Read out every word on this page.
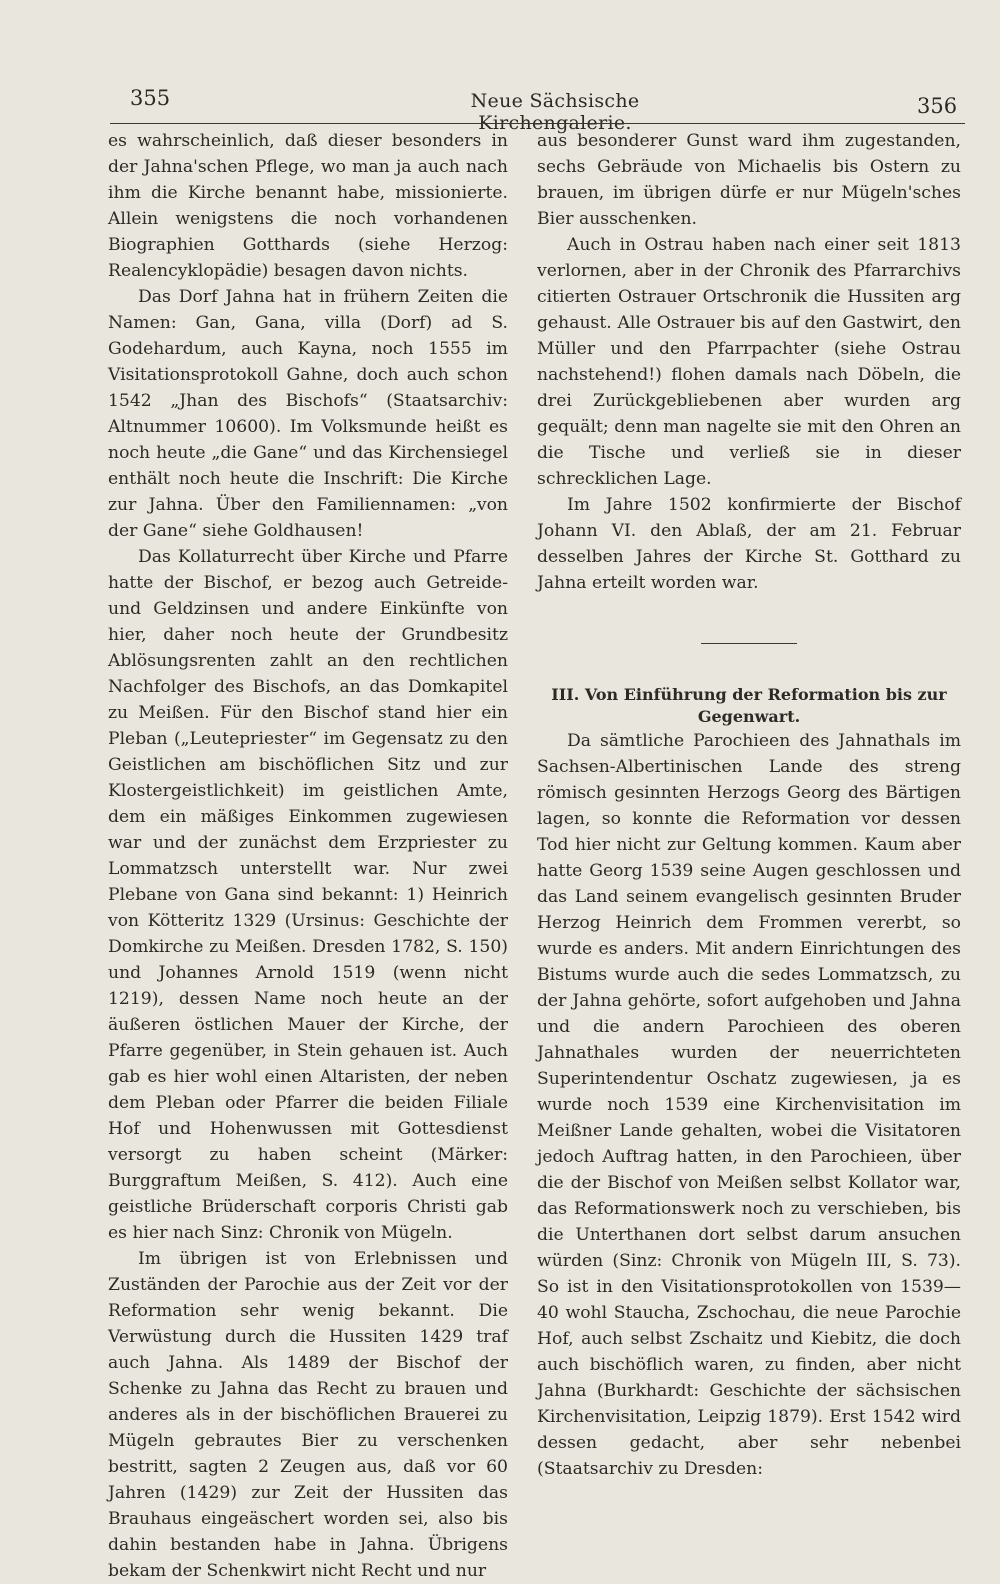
355	Neue Sächsische Kirchengalerie.
356

es wahrscheinlich, daß dieser besonders in der Jahna'schen Pflege, wo man ja auch nach ihm die Kirche benannt habe, missionierte. Allein wenigstens die noch vorhandenen Biographien Gotthards (siehe Herzog: Realencyklopädie) besagen davon nichts.

Das Dorf Jahna hat in frühern Zeiten die Namen: Gan, Gana, villa (Dorf) ad S. Godehardum, auch Kayna, noch 1555 im Visitationsprotokoll Gahne, doch auch schon 1542 „Jhan des Bischofs“ (Staatsarchiv: Altnummer 10600). Im Volksmunde heißt es noch heute „die Gane“ und das Kirchensiegel enthält noch heute die Inschrift: Die Kirche zur Jahna. Über den Familiennamen: „von der Gane“ siehe Goldhausen!

Das Kollaturrecht über Kirche und Pfarre hatte der Bischof, er bezog auch Getreide- und Geldzinsen und andere Einkünfte von hier, daher noch heute der Grundbesitz Ablösungsrenten zahlt an den rechtlichen Nachfolger des Bischofs, an das Domkapitel zu Meißen. Für den Bischof stand hier ein Pleban („Leutepriester“ im Gegensatz zu den Geistlichen am bischöflichen Sitz und zur Klostergeistlichkeit) im geistlichen Amte, dem ein mäßiges Einkommen zugewiesen war und der zunächst dem Erzpriester zu Lommatzsch unterstellt war. Nur zwei Plebane von Gana sind bekannt: 1) Heinrich von Kötteritz 1329 (Ursinus: Geschichte der Domkirche zu Meißen. Dresden 1782, S. 150) und Johannes Arnold 1519 (wenn nicht 1219), dessen Name noch heute an der äußeren östlichen Mauer der Kirche, der Pfarre gegenüber, in Stein gehauen ist. Auch gab es hier wohl einen Altaristen, der neben dem Pleban oder Pfarrer die beiden Filiale Hof und Hohenwussen mit Gottesdienst versorgt zu haben scheint (Märker: Burggraftum Meißen, S. 412). Auch eine geistliche Brüderschaft corporis Christi gab es hier nach Sinz: Chronik von Mügeln.

Im übrigen ist von Erlebnissen und Zuständen der Parochie aus der Zeit vor der Reformation sehr wenig bekannt. Die Verwüstung durch die Hussiten 1429 traf auch Jahna. Als 1489 der Bischof der Schenke zu Jahna das Recht zu brauen und anderes als in der bischöflichen Brauerei zu Mügeln gebrautes Bier zu verschenken bestritt, sagten 2 Zeugen aus, daß vor 60 Jahren (1429) zur Zeit der Hussiten das Brauhaus eingeäschert worden sei, also bis dahin bestanden habe in Jahna. Übrigens bekam der Schenkwirt nicht Recht und nur

aus besonderer Gunst ward ihm zugestanden, sechs Gebräude von Michaelis bis Ostern zu brauen, im übrigen dürfe er nur Mügeln'sches Bier ausschenken.

Auch in Ostrau haben nach einer seit 1813 verlornen, aber in der Chronik des Pfarrarchivs citierten Ostrauer Ortschronik die Hussiten arg gehaust. Alle Ostrauer bis auf den Gastwirt, den Müller und den Pfarrpachter (siehe Ostrau nachstehend!) flohen damals nach Döbeln, die drei Zurückgebliebenen aber wurden arg gequält; denn man nagelte sie mit den Ohren an die Tische und verließ sie in dieser schrecklichen Lage.

Im Jahre 1502 konfirmierte der Bischof Johann VI. den Ablaß, der am 21. Februar desselben Jahres der Kirche St. Gotthard zu Jahna erteilt worden war.

III. Von Einführung der Reformation bis zur Gegenwart.

Da sämtliche Parochieen des Jahnathals im Sachsen-Albertinischen Lande des streng römisch gesinnten Herzogs Georg des Bärtigen lagen, so konnte die Reformation vor dessen Tod hier nicht zur Geltung kommen. Kaum aber hatte Georg 1539 seine Augen geschlossen und das Land seinem evangelisch gesinnten Bruder Herzog Heinrich dem Frommen vererbt, so wurde es anders. Mit andern Einrichtungen des Bistums wurde auch die sedes Lommatzsch, zu der Jahna gehörte, sofort aufgehoben und Jahna und die andern Parochieen des oberen Jahnathales wurden der neuerrichteten Superintendentur Oschatz zugewiesen, ja es wurde noch 1539 eine Kirchenvisitation im Meißner Lande gehalten, wobei die Visitatoren jedoch Auftrag hatten, in den Parochieen, über die der Bischof von Meißen selbst Kollator war, das Reformationswerk noch zu verschieben, bis die Unterthanen dort selbst darum ansuchen würden (Sinz: Chronik von Mügeln III, S. 73). So ist in den Visitationsprotokollen von 1539—40 wohl Staucha, Zschochau, die neue Parochie Hof, auch selbst Zschaitz und Kiebitz, die doch auch bischöflich waren, zu finden, aber nicht Jahna (Burkhardt: Geschichte der sächsischen Kirchenvisitation, Leipzig 1879). Erst 1542 wird dessen gedacht, aber sehr nebenbei (Staatsarchiv zu Dresden:
